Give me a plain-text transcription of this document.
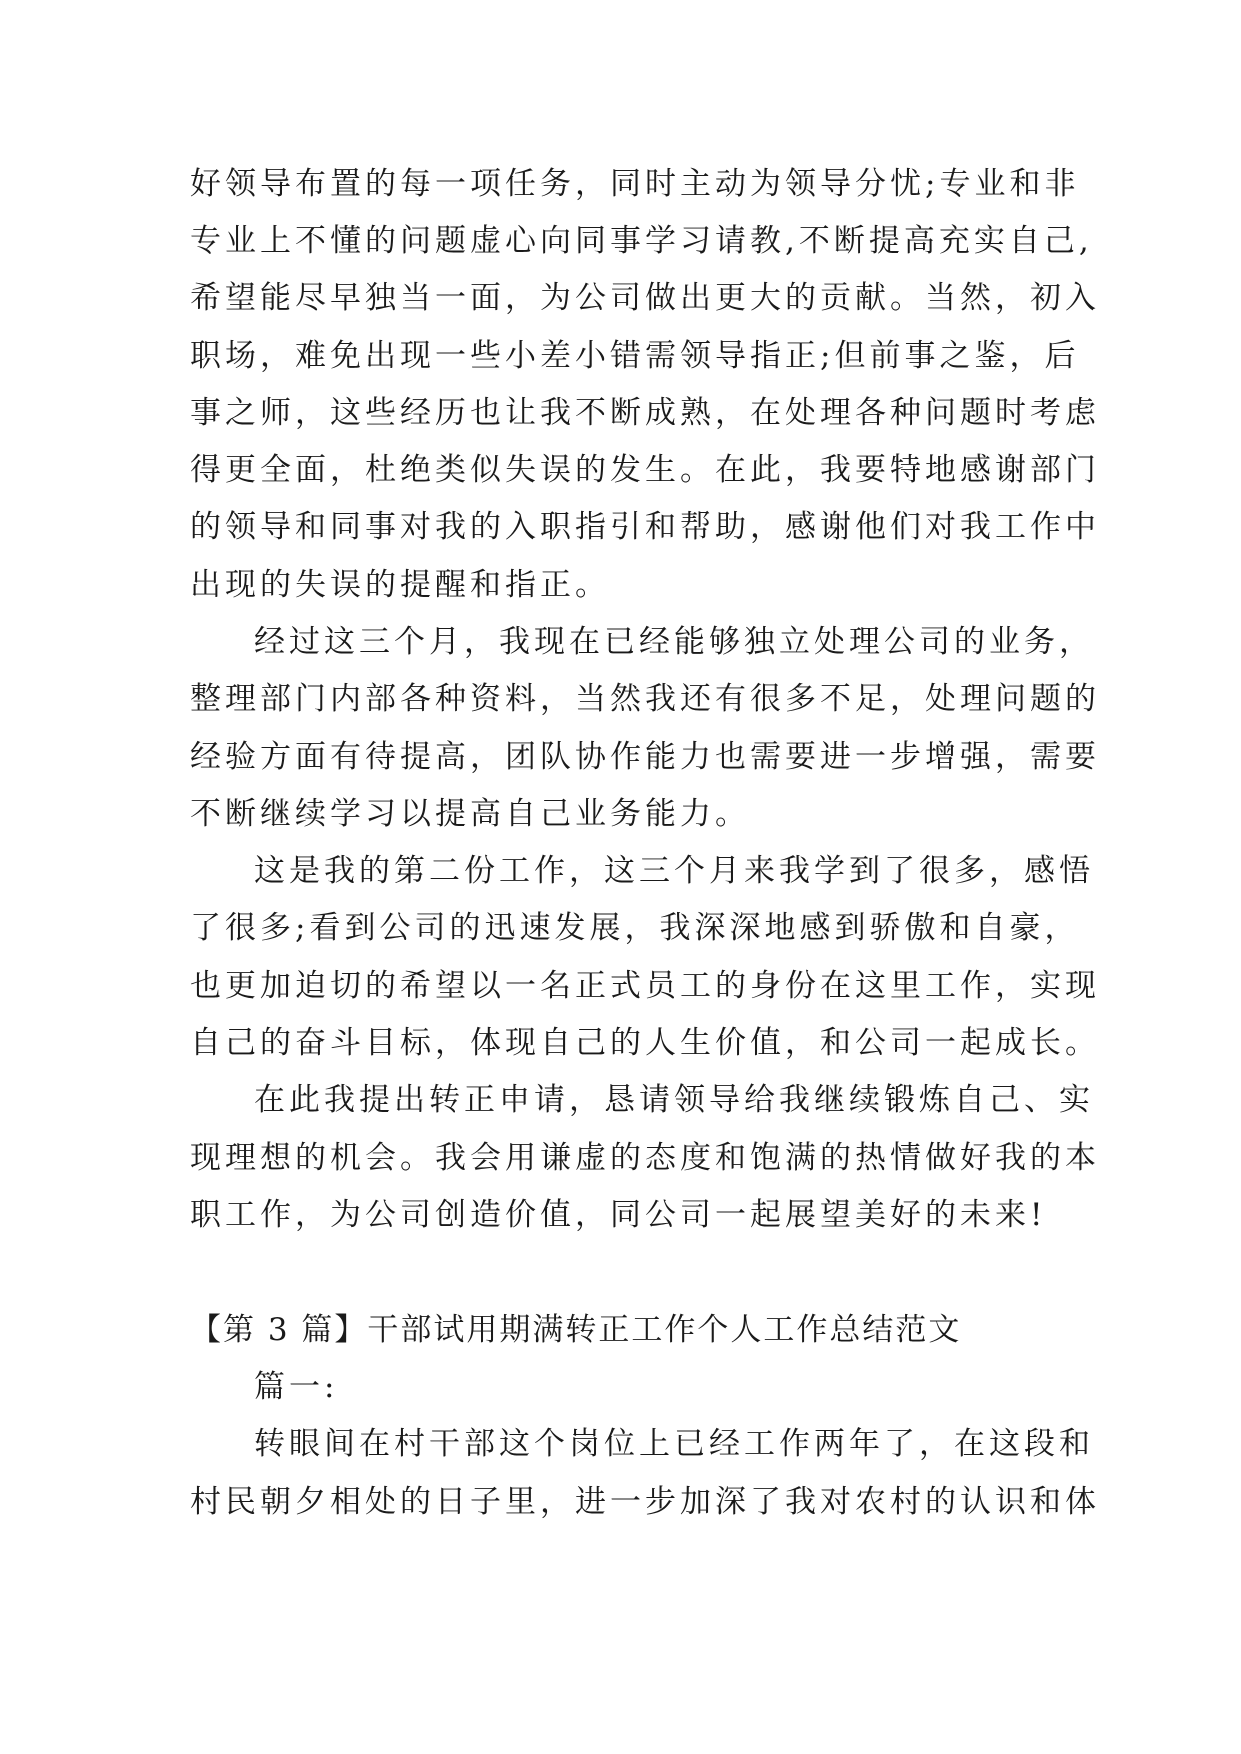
好领导布置的每一项任务，同时主动为领导分忧;专业和非
专业上不懂的问题虚心向同事学习请教,不断提高充实自己,
希望能尽早独当一面，为公司做出更大的贡献。当然，初入
职场，难免出现一些小差小错需领导指正;但前事之鉴，后
事之师，这些经历也让我不断成熟，在处理各种问题时考虑
得更全面，杜绝类似失误的发生。在此，我要特地感谢部门
的领导和同事对我的入职指引和帮助，感谢他们对我工作中
出现的失误的提醒和指正。
经过这三个月，我现在已经能够独立处理公司的业务，
整理部门内部各种资料，当然我还有很多不足，处理问题的
经验方面有待提高，团队协作能力也需要进一步增强，需要
不断继续学习以提高自己业务能力。
这是我的第二份工作，这三个月来我学到了很多，感悟
了很多;看到公司的迅速发展，我深深地感到骄傲和自豪，
也更加迫切的希望以一名正式员工的身份在这里工作，实现
自己的奋斗目标，体现自己的人生价值，和公司一起成长。
在此我提出转正申请，恳请领导给我继续锻炼自己、实
现理想的机会。我会用谦虚的态度和饱满的热情做好我的本
职工作，为公司创造价值，同公司一起展望美好的未来!
【第 3 篇】干部试用期满转正工作个人工作总结范文
篇一:
转眼间在村干部这个岗位上已经工作两年了，在这段和
村民朝夕相处的日子里，进一步加深了我对农村的认识和体
